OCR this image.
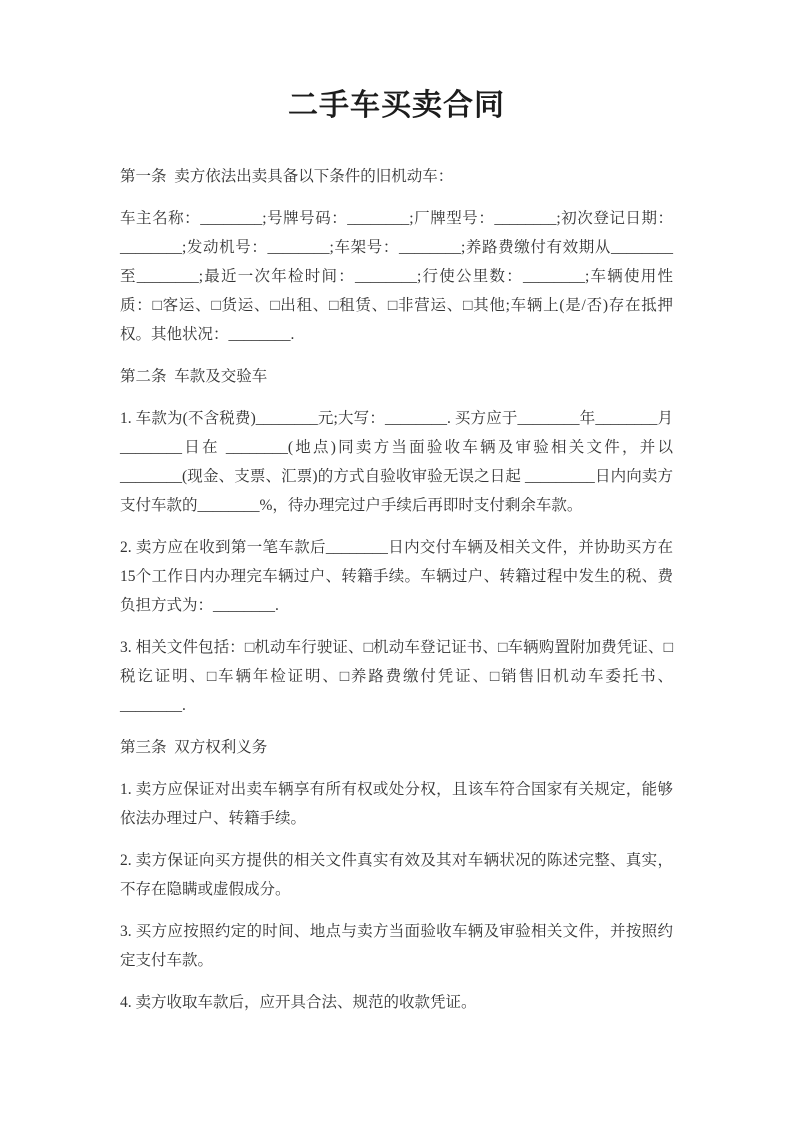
二手车买卖合同

第一条  卖方依法出卖具备以下条件的旧机动车：

车主名称：________;号牌号码：________;厂牌型号：________;初次登记日期：________;发动机号：________;车架号：________;养路费缴付有效期从________至________;最近一次年检时间：________;行使公里数：________;车辆使用性质：□客运、□货运、□出租、□租赁、□非营运、□其他;车辆上(是/否)存在抵押权。其他状况：________.

第二条  车款及交验车

1. 车款为(不含税费)________元;大写：________. 买方应于________年________月________日在 ________(地点)同卖方当面验收车辆及审验相关文件，并以________(现金、支票、汇票)的方式自验收审验无误之日起 _________日内向卖方支付车款的________%，待办理完过户手续后再即时支付剩余车款。

2. 卖方应在收到第一笔车款后________日内交付车辆及相关文件，并协助买方在15个工作日内办理完车辆过户、转籍手续。车辆过户、转籍过程中发生的税、费负担方式为：________.

3. 相关文件包括：□机动车行驶证、□机动车登记证书、□车辆购置附加费凭证、□税讫证明、□车辆年检证明、□养路费缴付凭证、□销售旧机动车委托书、________.

第三条  双方权利义务

1. 卖方应保证对出卖车辆享有所有权或处分权，且该车符合国家有关规定，能够依法办理过户、转籍手续。

2. 卖方保证向买方提供的相关文件真实有效及其对车辆状况的陈述完整、真实，不存在隐瞒或虚假成分。

3. 买方应按照约定的时间、地点与卖方当面验收车辆及审验相关文件，并按照约定支付车款。

4. 卖方收取车款后，应开具合法、规范的收款凭证。
